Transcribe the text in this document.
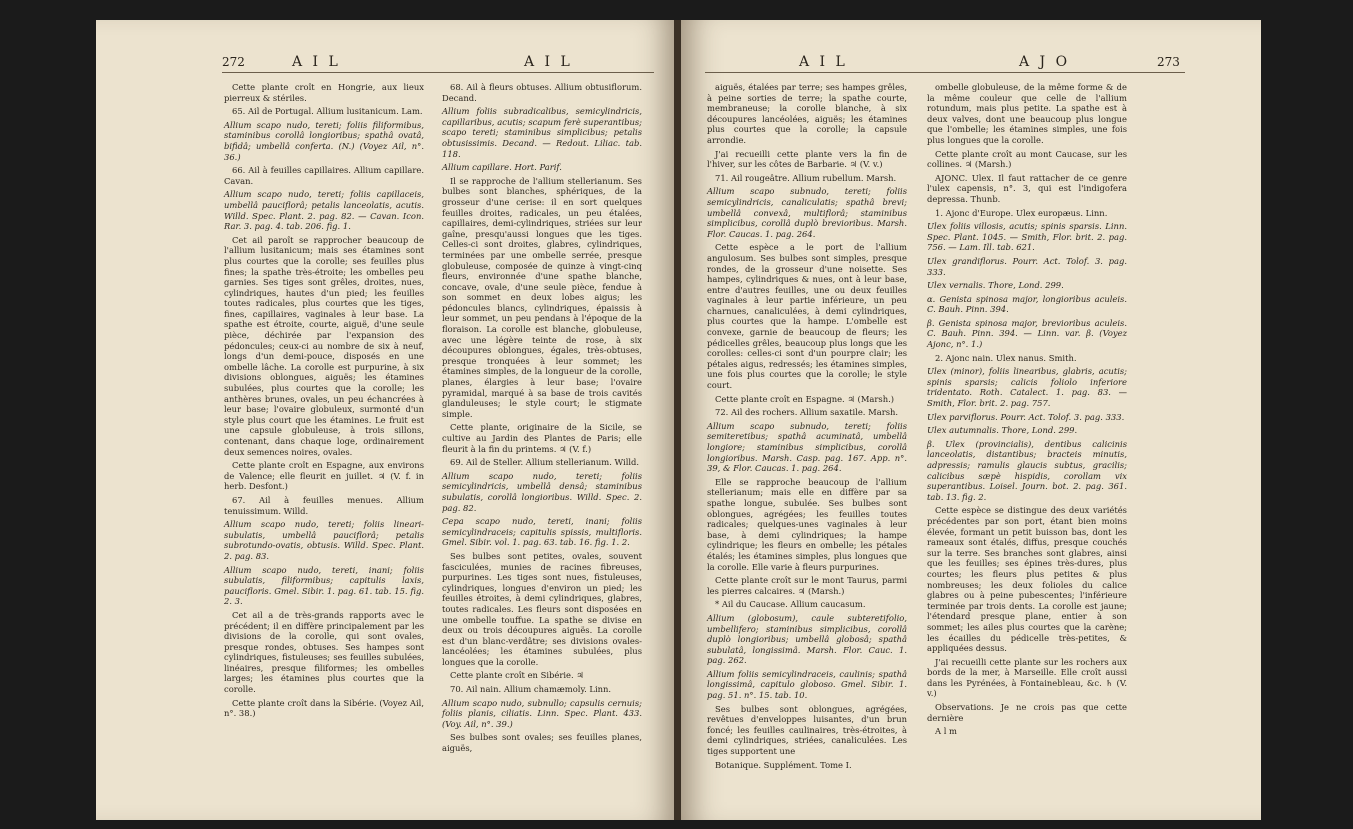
272	A I L	A I L

Cette plante croît en Hongrie, aux lieux pierreux & stériles.

65. Ail de Portugal. Allium lusitanicum. Lam.

Allium scapo nudo, tereti; foliis filiformibus, staminibus corollâ longioribus; spathâ ovatâ, bifidâ; umbellâ conferta. (N.) (Voyez Ail, n°. 36.)

66. Ail à feuilles capillaires. Allium capillare. Cavan.

Allium scapo nudo, tereti; foliis capillaceis, umbellâ pauciflorâ; petalis lanceolatis, acutis. Willd. Spec. Plant. 2. pag. 82. — Cavan. Icon. Rar. 3. pag. 4. tab. 206. fig. 1.

Cet ail paroît se rapprocher beaucoup de l'allium lusitanicum; mais ses étamines sont plus courtes que la corolle; ses feuilles plus fines; la spathe très-étroite; les ombelles peu garnies. Ses tiges sont grêles, droites, nues, cylindriques, hautes d'un pied; les feuilles toutes radicales, plus courtes que les tiges, fines, capillaires, vaginales à leur base. La spathe est étroite, courte, aiguë, d'une seule pièce, déchirée par l'expansion des pédoncules; ceux-ci au nombre de six à neuf, longs d'un demi-pouce, disposés en une ombelle lâche. La corolle est purpurine, à six divisions oblongues, aiguës; les étamines subulées, plus courtes que la corolle; les anthères brunes, ovales, un peu échancrées à leur base; l'ovaire globuleux, surmonté d'un style plus court que les étamines. Le fruit est une capsule globuleuse, à trois sillons, contenant, dans chaque loge, ordinairement deux semences noires, ovales.

Cette plante croît en Espagne, aux environs de Valence; elle fleurit en juillet. ♃ (V. f. in herb. Desfont.)

67. Ail à feuilles menues. Allium tenuissimum. Willd.

Allium scapo nudo, tereti; foliis lineari-subulatis, umbellâ pauciflorâ; petalis subrotundo-ovatis, obtusis. Willd. Spec. Plant. 2. pag. 83.

Allium scapo nudo, tereti, inani; foliis subulatis, filiformibus; capitulis laxis, paucifloris. Gmel. Sibir. 1. pag. 61. tab. 15. fig. 2. 3.

Cet ail a de très-grands rapports avec le précédent; il en diffère principalement par les divisions de la corolle, qui sont ovales, presque rondes, obtuses. Ses hampes sont cylindriques, fistuleuses; ses feuilles subulées, linéaires, presque filiformes; les ombelles larges; les étamines plus courtes que la corolle.

Cette plante croît dans la Sibérie. (Voyez Ail, n°. 38.)

68. Ail à fleurs obtuses. Allium obtusiflorum. Decand.

Allium foliis subradicalibus, semicylindricis, capillaribus, acutis; scapum ferè superantibus; scapo tereti; staminibus simplicibus; petalis obtusissimis. Decand. — Redout. Liliac. tab. 118.

Allium capillare. Hort. Parif.

Il se rapproche de l'allium stellerianum. Ses bulbes sont blanches, sphériques, de la grosseur d'une cerise: il en sort quelques feuilles droites, radicales, un peu étalées, capillaires, demi-cylindriques, striées sur leur gaîne, presqu'aussi longues que les tiges. Celles-ci sont droites, glabres, cylindriques, terminées par une ombelle serrée, presque globuleuse, composée de quinze à vingt-cinq fleurs, environnée d'une spathe blanche, concave, ovale, d'une seule pièce, fendue à son sommet en deux lobes aigus; les pédoncules blancs, cylindriques, épaissis à leur sommet, un peu pendans à l'époque de la floraison. La corolle est blanche, globuleuse, avec une légère teinte de rose, à six découpures oblongues, égales, très-obtuses, presque tronquées à leur sommet; les étamines simples, de la longueur de la corolle, planes, élargies à leur base; l'ovaire pyramidal, marqué à sa base de trois cavités glanduleuses; le style court; le stigmate simple.

Cette plante, originaire de la Sicile, se cultive au Jardin des Plantes de Paris; elle fleurit à la fin du printems. ♃ (V. f.)

69. Ail de Steller. Allium stellerianum. Willd.

Allium scapo nudo, tereti; foliis semicylindricis, umbellâ densâ; staminibus subulatis, corollâ longioribus. Willd. Spec. 2. pag. 82.

Cepa scapo nudo, tereti, inani; foliis semicylindraceis; capitulis spissis, multifloris. Gmel. Sibir. vol. 1. pag. 63. tab. 16. fig. 1. 2.

Ses bulbes sont petites, ovales, souvent fasciculées, munies de racines fibreuses, purpurines. Les tiges sont nues, fistuleuses, cylindriques, longues d'environ un pied; les feuilles étroites, à demi cylindriques, glabres, toutes radicales. Les fleurs sont disposées en une ombelle touffue. La spathe se divise en deux ou trois découpures aiguës. La corolle est d'un blanc-verdâtre; ses divisions ovales-lancéolées; les étamines subulées, plus longues que la corolle.

Cette plante croît en Sibérie. ♃

70. Ail nain. Allium chamæmoly. Linn.

Allium scapo nudo, subnullo; capsulis cernuis; foliis planis, ciliatis. Linn. Spec. Plant. 433. (Voy. Ail, n°. 39.)

Ses bulbes sont ovales; ses feuilles planes, aiguës,

A I L	A J O	273

aiguës, étalées par terre; ses hampes grêles, à peine sorties de terre; la spathe courte, membraneuse; la corolle blanche, à six découpures lancéolées, aiguës; les étamines plus courtes que la corolle; la capsule arrondie.

J'ai recueilli cette plante vers la fin de l'hiver, sur les côtes de Barbarie. ♃ (V. v.)

71. Ail rougeâtre. Allium rubellum. Marsh.

Allium scapo subnudo, tereti; foliis semicylindricis, canaliculatis; spathâ brevi; umbellâ convexâ, multiflorâ; staminibus simplicibus, corollâ duplò brevioribus. Marsh. Flor. Caucas. 1. pag. 264.

Cette espèce a le port de l'allium angulosum. Ses bulbes sont simples, presque rondes, de la grosseur d'une noisette. Ses hampes, cylindriques & nues, ont à leur base, entre d'autres feuilles, une ou deux feuilles vaginales à leur partie inférieure, un peu charnues, canaliculées, à demi cylindriques, plus courtes que la hampe. L'ombelle est convexe, garnie de beaucoup de fleurs; les pédicelles grêles, beaucoup plus longs que les corolles: celles-ci sont d'un pourpre clair; les pétales aigus, redressés; les étamines simples, une fois plus courtes que la corolle; le style court.

Cette plante croît en Espagne. ♃ (Marsh.)

72. Ail des rochers. Allium saxatile. Marsh.

Allium scapo subnudo, tereti; foliis semiteretibus; spathâ acuminatâ, umbellâ longiore; staminibus simplicibus, corollâ longioribus. Marsh. Casp. pag. 167. App. n°. 39, & Flor. Caucas. 1. pag. 264.

Elle se rapproche beaucoup de l'allium stellerianum; mais elle en diffère par sa spathe longue, subulée. Ses bulbes sont oblongues, agrégées; les feuilles toutes radicales; quelques-unes vaginales à leur base, à demi cylindriques; la hampe cylindrique; les fleurs en ombelle; les pétales étalés; les étamines simples, plus longues que la corolle. Elle varie à fleurs purpurines.

Cette plante croît sur le mont Taurus, parmi les pierres calcaires. ♃ (Marsh.)

* Ail du Caucase. Allium caucasum.

Allium (globosum), caule subteretifolio, umbellifero; staminibus simplicibus, corollâ duplò longioribus; umbellâ globosâ; spathâ subulatâ, longissimâ. Marsh. Flor. Cauc. 1. pag. 262.

Allium foliis semicylindraceis, caulinis; spathâ longissimâ, capitulo globoso. Gmel. Sibir. 1. pag. 51. n°. 15. tab. 10.

Ses bulbes sont oblongues, agrégées, revêtues d'enveloppes luisantes, d'un brun foncé; les feuilles caulinaires, très-étroites, à demi cylindriques, striées, canaliculées. Les tiges supportent une

Botanique. Supplément. Tome I.

ombelle globuleuse, de la même forme & de la même couleur que celle de l'allium rotundum, mais plus petite. La spathe est à deux valves, dont une beaucoup plus longue que l'ombelle; les étamines simples, une fois plus longues que la corolle.

Cette plante croît au mont Caucase, sur les collines. ♃ (Marsh.)

AJONC. Ulex. Il faut rattacher de ce genre l'ulex capensis, n°. 3, qui est l'indigofera depressa. Thunb.

1. Ajonc d'Europe. Ulex europæus. Linn.

Ulex foliis villosis, acutis; spinis sparsis. Linn. Spec. Plant. 1045. — Smith, Flor. brit. 2. pag. 756. — Lam. Ill. tab. 621.

Ulex grandiflorus. Pourr. Act. Tolof. 3. pag. 333.

Ulex vernalis. Thore, Lond. 299.

α. Genista spinosa major, longioribus aculeis. C. Bauh. Pinn. 394.

β. Genista spinosa major, brevioribus aculeis. C. Bauh. Pinn. 394. — Linn. var. β. (Voyez Ajonc, n°. 1.)

2. Ajonc nain. Ulex nanus. Smith.

Ulex (minor), foliis linearibus, glabris, acutis; spinis sparsis; calicis foliolo inferiore tridentato. Roth. Catalect. 1. pag. 83. — Smith, Flor. brit. 2. pag. 757.

Ulex parviflorus. Pourr. Act. Tolof. 3. pag. 333.

Ulex autumnalis. Thore, Lond. 299.

β. Ulex (provincialis), dentibus calicinis lanceolatis, distantibus; bracteis minutis, adpressis; ramulis glaucis subtus, gracilis; calicibus sæpè hispidis, corollam vix superantibus. Loisel. Journ. bot. 2. pag. 361. tab. 13. fig. 2.

Cette espèce se distingue des deux variétés précédentes par son port, étant bien moins élevée, formant un petit buisson bas, dont les rameaux sont étalés, diffus, presque couchés sur la terre. Ses branches sont glabres, ainsi que les feuilles; ses épines très-dures, plus courtes; les fleurs plus petites & plus nombreuses; les deux folioles du calice glabres ou à peine pubescentes; l'inférieure terminée par trois dents. La corolle est jaune; l'étendard presque plane, entier à son sommet; les ailes plus courtes que la carène; les écailles du pédicelle très-petites, & appliquées dessus.

J'ai recueilli cette plante sur les rochers aux bords de la mer, à Marseille. Elle croît aussi dans les Pyrénées, à Fontainebleau, &c. ♄ (V. v.)

Observations. Je ne crois pas que cette dernière

A l m
